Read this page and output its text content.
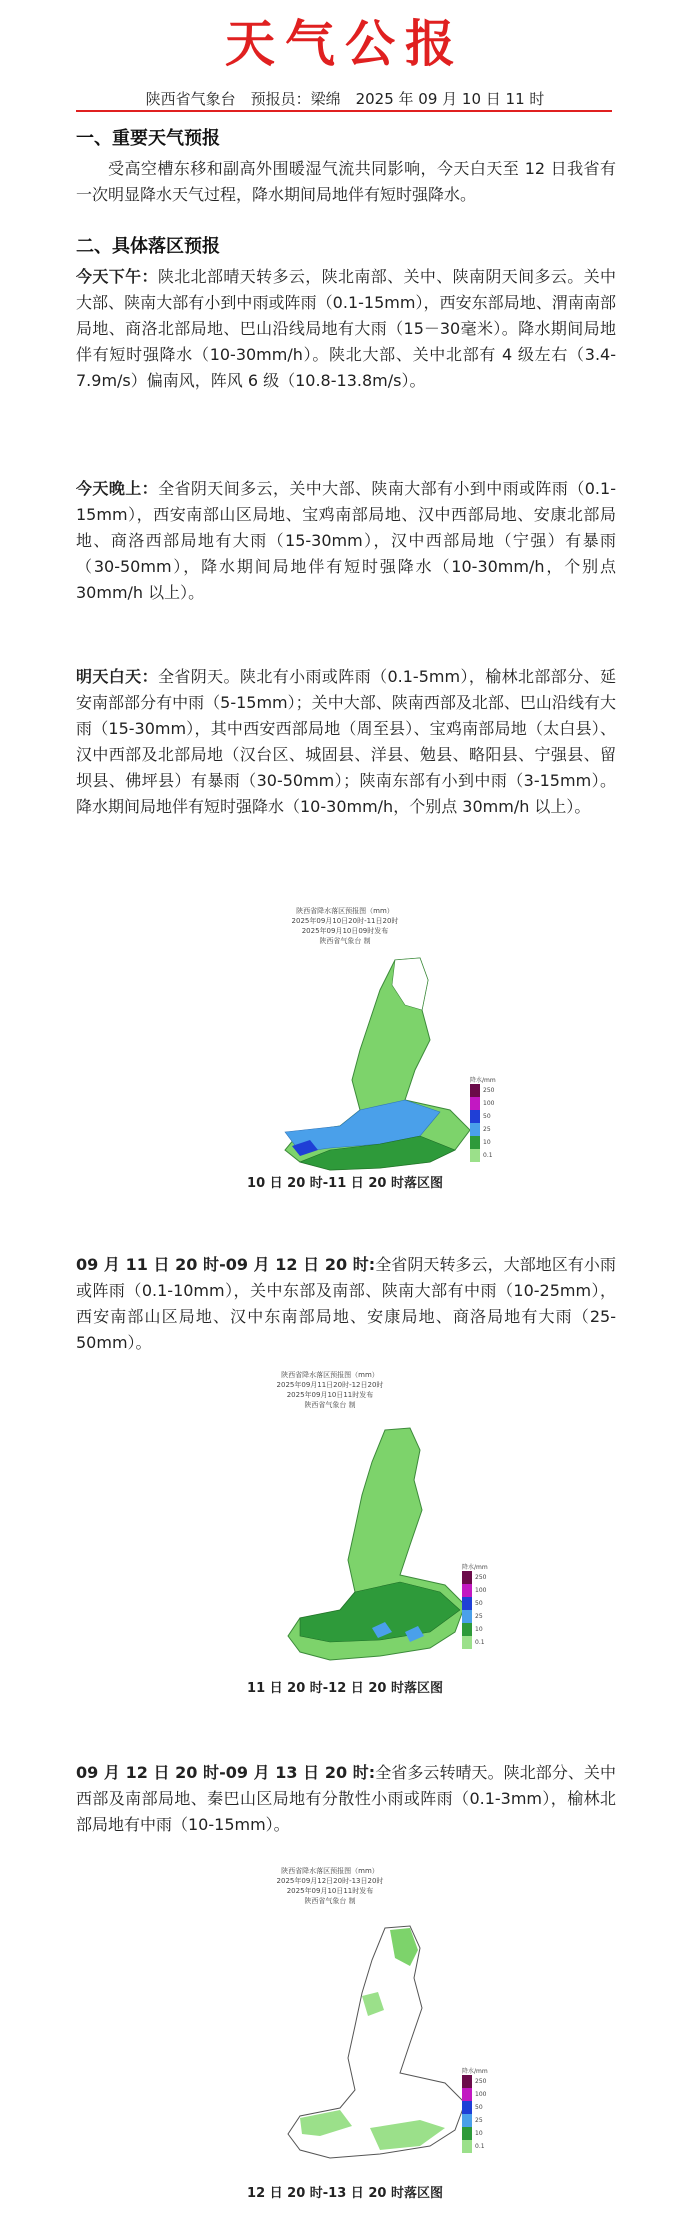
天气公报
陕西省气象台　预报员：梁绵　2025 年 09 月 10 日 11 时
一、重要天气预报
受高空槽东移和副高外围暖湿气流共同影响，今天白天至 12 日我省有一次明显降水天气过程，降水期间局地伴有短时强降水。
二、具体落区预报
今天下午：陕北北部晴天转多云，陕北南部、关中、陕南阴天间多云。关中大部、陕南大部有小到中雨或阵雨（0.1-15mm），西安东部局地、渭南南部局地、商洛北部局地、巴山沿线局地有大雨（15－30毫米）。降水期间局地伴有短时强降水（10-30mm/h）。陕北大部、关中北部有 4 级左右（3.4-7.9m/s）偏南风，阵风 6 级（10.8-13.8m/s）。
今天晚上：全省阴天间多云，关中大部、陕南大部有小到中雨或阵雨（0.1-15mm），西安南部山区局地、宝鸡南部局地、汉中西部局地、安康北部局地、商洛西部局地有大雨（15-30mm），汉中西部局地（宁强）有暴雨（30-50mm），降水期间局地伴有短时强降水（10-30mm/h，个别点 30mm/h 以上）。
明天白天：全省阴天。陕北有小雨或阵雨（0.1-5mm），榆林北部部分、延安南部部分有中雨（5-15mm）；关中大部、陕南西部及北部、巴山沿线有大雨（15-30mm），其中西安西部局地（周至县）、宝鸡南部局地（太白县）、汉中西部及北部局地（汉台区、城固县、洋县、勉县、略阳县、宁强县、留坝县、佛坪县）有暴雨（30-50mm）；陕南东部有小到中雨（3-15mm）。降水期间局地伴有短时强降水（10-30mm/h，个别点 30mm/h 以上）。
陕西省降水落区预报图（mm）
2025年09月10日20时-11日20时
2025年09月10日09时发布
陕西省气象台 制
降水/mm
250
100
50
25
10
0.1
10 日 20 时-11 日 20 时落区图
09 月 11 日 20 时-09 月 12 日 20 时:全省阴天转多云，大部地区有小雨或阵雨（0.1-10mm），关中东部及南部、陕南大部有中雨（10-25mm），西安南部山区局地、汉中东南部局地、安康局地、商洛局地有大雨（25-50mm）。
陕西省降水落区预报图（mm）
2025年09月11日20时-12日20时
2025年09月10日11时发布
陕西省气象台 制
降水/mm
250
100
50
25
10
0.1
11 日 20 时-12 日 20 时落区图
09 月 12 日 20 时-09 月 13 日 20 时:全省多云转晴天。陕北部分、关中西部及南部局地、秦巴山区局地有分散性小雨或阵雨（0.1-3mm），榆林北部局地有中雨（10-15mm）。
陕西省降水落区预报图（mm）
2025年09月12日20时-13日20时
2025年09月10日11时发布
陕西省气象台 制
降水/mm
250
100
50
25
10
0.1
12 日 20 时-13 日 20 时落区图
